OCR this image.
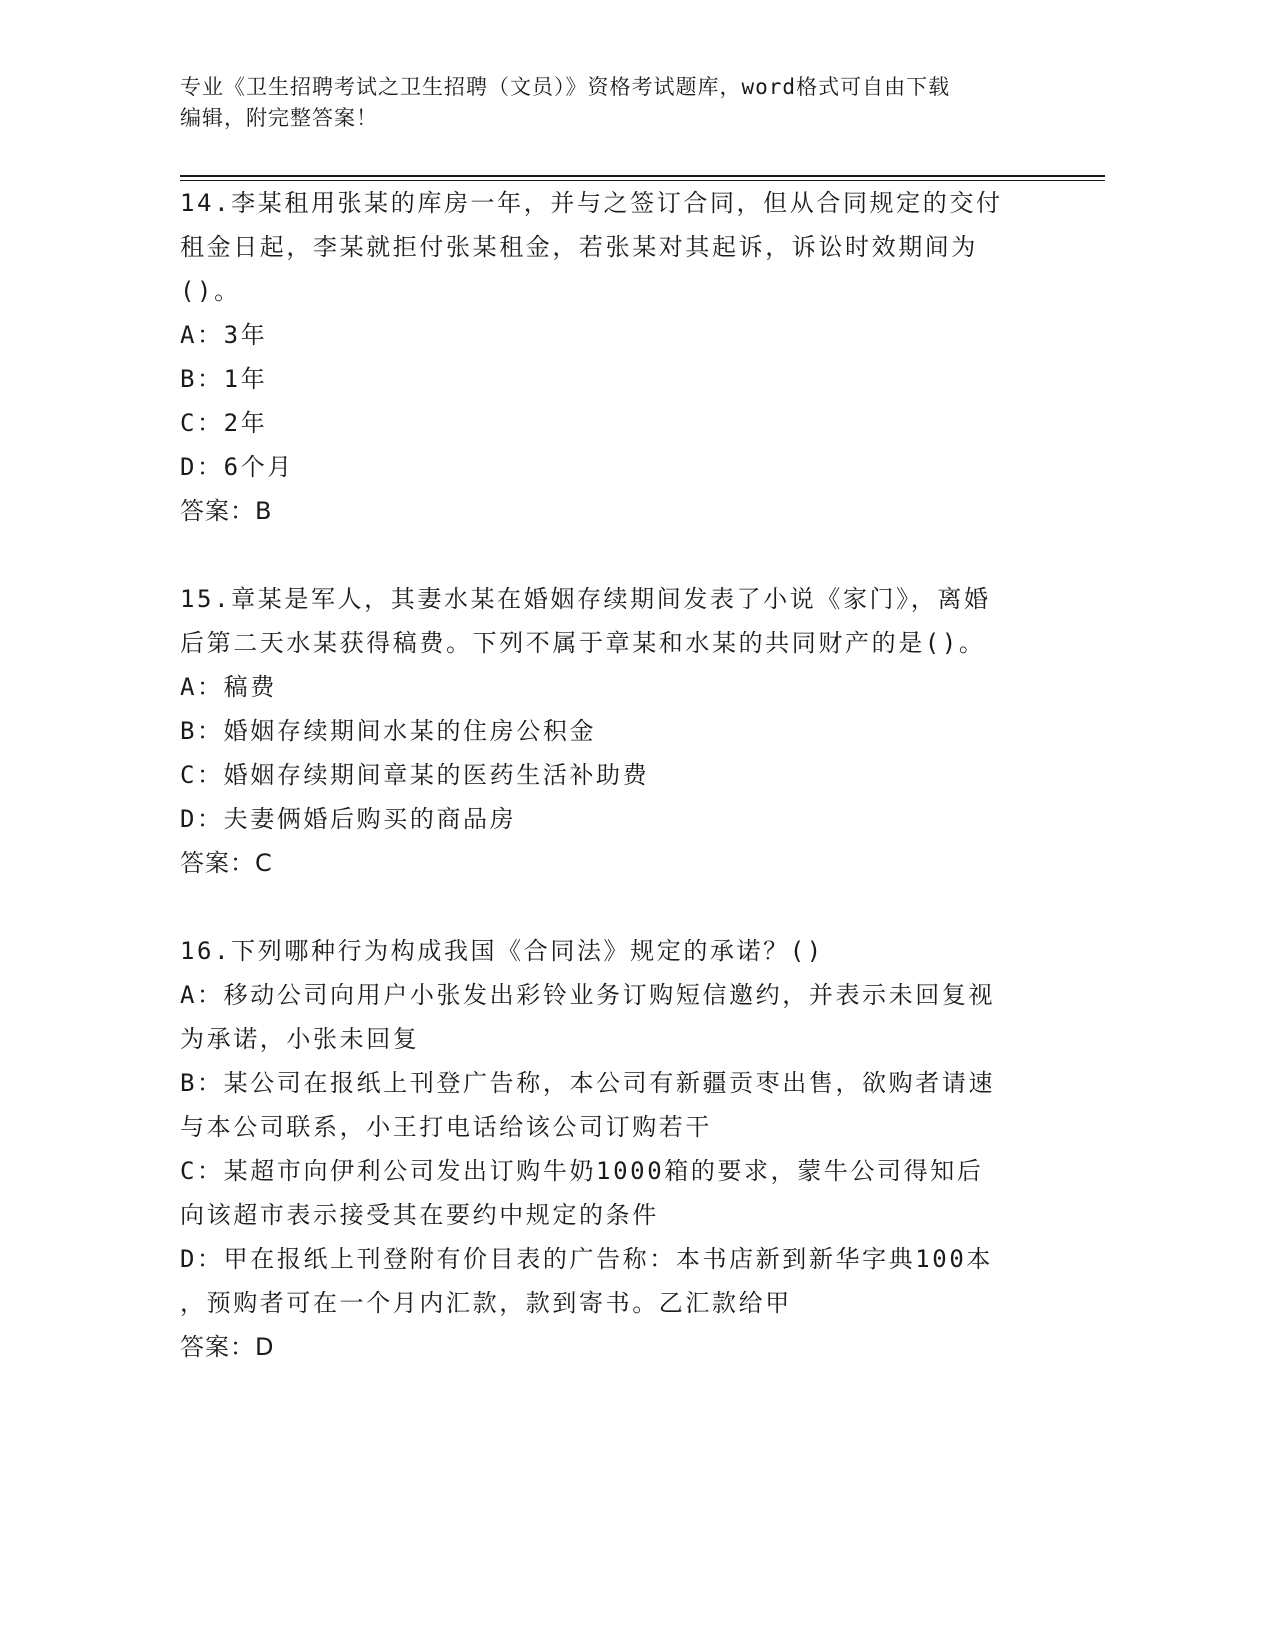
专业《卫生招聘考试之卫生招聘（文员）》资格考试题库，word格式可自由下载
编辑，附完整答案！
14.李某租用张某的库房一年，并与之签订合同，但从合同规定的交付
租金日起，李某就拒付张某租金，若张某对其起诉，诉讼时效期间为
()。
A：3年
B：1年
C：2年
D：6个月
答案：B
15.章某是军人，其妻水某在婚姻存续期间发表了小说《家门》，离婚
后第二天水某获得稿费。下列不属于章某和水某的共同财产的是()。
A：稿费
B：婚姻存续期间水某的住房公积金
C：婚姻存续期间章某的医药生活补助费
D：夫妻俩婚后购买的商品房
答案：C
16.下列哪种行为构成我国《合同法》规定的承诺？()
A：移动公司向用户小张发出彩铃业务订购短信邀约，并表示未回复视
为承诺，小张未回复
B：某公司在报纸上刊登广告称，本公司有新疆贡枣出售，欲购者请速
与本公司联系，小王打电话给该公司订购若干
C：某超市向伊利公司发出订购牛奶1000箱的要求，蒙牛公司得知后
向该超市表示接受其在要约中规定的条件
D：甲在报纸上刊登附有价目表的广告称：本书店新到新华字典100本
，预购者可在一个月内汇款，款到寄书。乙汇款给甲
答案：D
